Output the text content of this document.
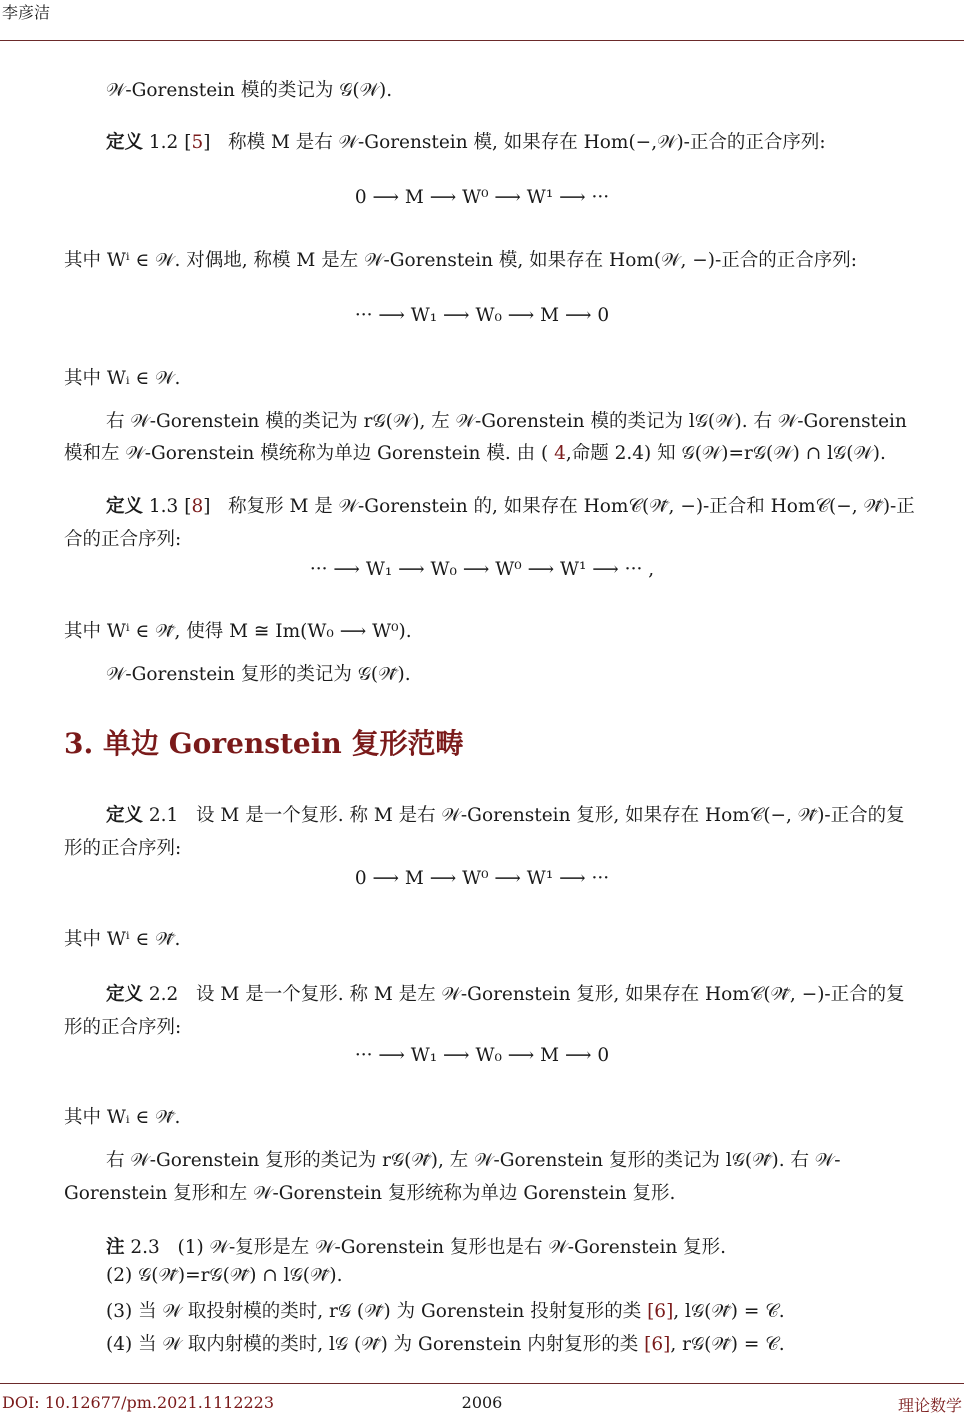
李彦洁
𝒲-Gorenstein 模的类记为 𝒢(𝒲).
定义 1.2 [5]   称模 M 是右 𝒲-Gorenstein 模, 如果存在 Hom(−,𝒲)-正合的正合序列:
0 ⟶ M ⟶ W⁰ ⟶ W¹ ⟶ ···
其中 Wⁱ ∈ 𝒲. 对偶地, 称模 M 是左 𝒲-Gorenstein 模, 如果存在 Hom(𝒲, −)-正合的正合序列:
··· ⟶ W₁ ⟶ W₀ ⟶ M ⟶ 0
其中 Wᵢ ∈ 𝒲.
右 𝒲-Gorenstein 模的类记为 r𝒢(𝒲), 左 𝒲-Gorenstein 模的类记为 l𝒢(𝒲). 右 𝒲-Gorenstein
模和左 𝒲-Gorenstein 模统称为单边 Gorenstein 模. 由 ( 4,命题 2.4) 知 𝒢(𝒲)=r𝒢(𝒲) ∩ l𝒢(𝒲).
定义 1.3 [8]   称复形 M 是 𝒲-Gorenstein 的, 如果存在 Hom𝒞(𝒲̃, −)-正合和 Hom𝒞(−, 𝒲̃)-正
合的正合序列:
··· ⟶ W₁ ⟶ W₀ ⟶ W⁰ ⟶ W¹ ⟶ ··· ,
其中 Wⁱ ∈ 𝒲̃, 使得 M ≅ Im(W₀ ⟶ W⁰).
𝒲-Gorenstein 复形的类记为 𝒢(𝒲̃).
3. 单边 Gorenstein 复形范畴
定义 2.1 设 M 是一个复形. 称 M 是右 𝒲-Gorenstein 复形, 如果存在 Hom𝒞(−, 𝒲̃)-正合的复
形的正合序列:
0 ⟶ M ⟶ W⁰ ⟶ W¹ ⟶ ···
其中 Wⁱ ∈ 𝒲̃.
定义 2.2 设 M 是一个复形. 称 M 是左 𝒲-Gorenstein 复形, 如果存在 Hom𝒞(𝒲̃, −)-正合的复
形的正合序列:
··· ⟶ W₁ ⟶ W₀ ⟶ M ⟶ 0
其中 Wᵢ ∈ 𝒲̃.
右 𝒲-Gorenstein 复形的类记为 r𝒢(𝒲̃), 左 𝒲-Gorenstein 复形的类记为 l𝒢(𝒲̃). 右 𝒲-
Gorenstein 复形和左 𝒲-Gorenstein 复形统称为单边 Gorenstein 复形.
注 2.3 (1) 𝒲-复形是左 𝒲-Gorenstein 复形也是右 𝒲-Gorenstein 复形.
(2) 𝒢(𝒲̃)=r𝒢(𝒲̃) ∩ l𝒢(𝒲̃).
(3) 当 𝒲 取投射模的类时, r𝒢 (𝒲̃) 为 Gorenstein 投射复形的类 [6], l𝒢(𝒲̃) = 𝒞.
(4) 当 𝒲 取内射模的类时, l𝒢 (𝒲̃) 为 Gorenstein 内射复形的类 [6], r𝒢(𝒲̃) = 𝒞.
DOI: 10.12677/pm.2021.1112223	2006	理论数学
